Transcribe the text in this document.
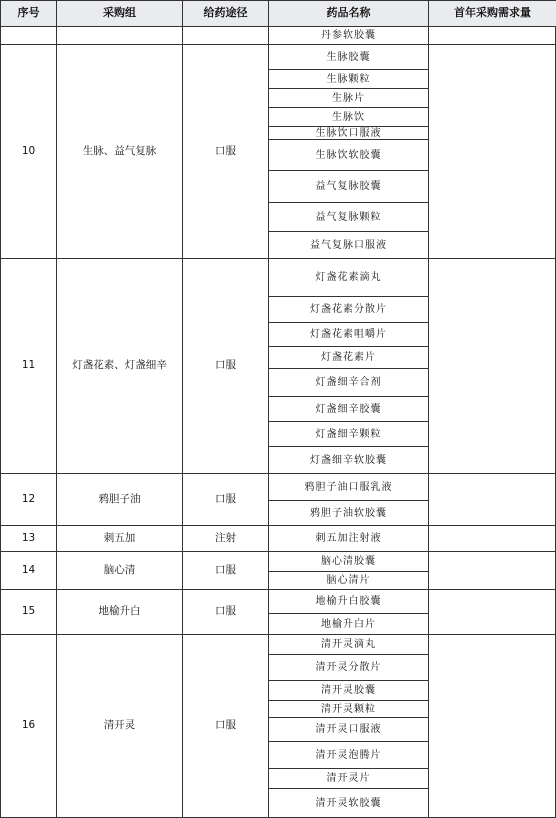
序号	采购组	给药途径	药品名称	首年采购需求量
丹参软胶囊
10	生脉、益气复脉	口服
生脉胶囊
生脉颗粒
生脉片
生脉饮
生脉饮口服液
生脉饮软胶囊
益气复脉胶囊
益气复脉颗粒
益气复脉口服液
11	灯盏花素、灯盏细辛	口服
灯盏花素滴丸
灯盏花素分散片
灯盏花素咀嚼片
灯盏花素片
灯盏细辛合剂
灯盏细辛胶囊
灯盏细辛颗粒
灯盏细辛软胶囊
12	鸦胆子油	口服
鸦胆子油口服乳液
鸦胆子油软胶囊
13	刺五加	注射	刺五加注射液
14	脑心清	口服
脑心清胶囊
脑心清片
15	地榆升白	口服
地榆升白胶囊
地榆升白片
16	清开灵	口服
清开灵滴丸
清开灵分散片
清开灵胶囊
清开灵颗粒
清开灵口服液
清开灵泡腾片
清开灵片
清开灵软胶囊
